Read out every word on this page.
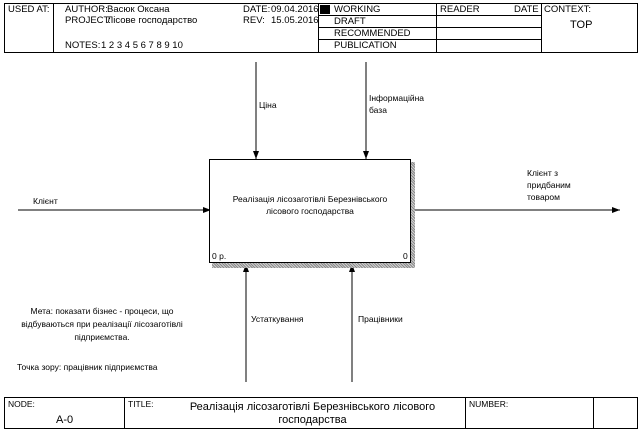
USED AT: AUTHOR: Васюк Оксана
PROJECT:
Лісове господарство
NOTES: 1 2 3 4 5 6 7 8 9 10
DATE: 09.04.2016
REV: 15.05.2016
WORKING
DRAFT
RECOMMENDED
PUBLICATION
READER	DATE CONTEXT:
TOP
Реалізація лісозаготівлі Березнівського лісового господарства
0 р.	0
Клієнт
Клієнт з придбаним товаром
Ціна
Інформаційна база
Устаткування	Працівники
Мета: показати бізнес - процеси, що відбуваються при реалізації лісозаготівлі підприємства.
Точка зору: працівник підприємства
NODE:
A-0
TITLE:	Реалізація лісозаготівлі Березнівського лісового господарства
NUMBER:
